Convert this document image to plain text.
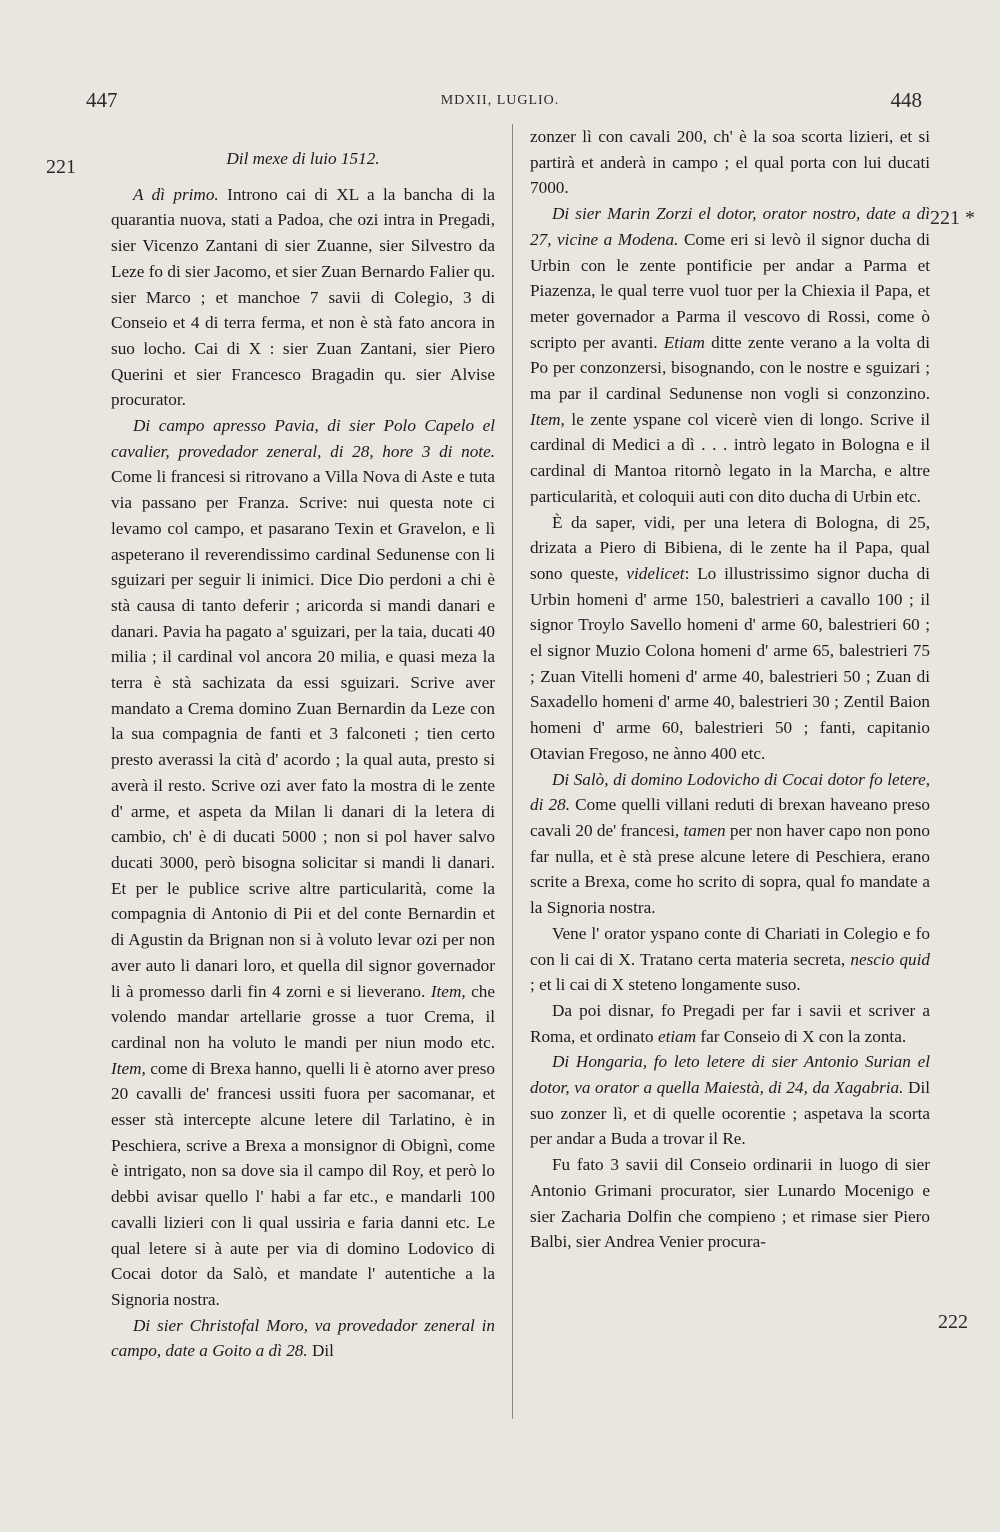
447	MDXII, LUGLIO.	448
221
221 *
222

Dil mexe di luio 1512.

A dì primo. Introno cai di XL a la bancha di la quarantia nuova, stati a Padoa, che ozi intra in Pregadi, sier Vicenzo Zantani di sier Zuanne, sier Silvestro da Leze fo di sier Jacomo, et sier Zuan Bernardo Falier qu. sier Marco ; et manchoe 7 savii di Colegio, 3 di Conseio et 4 di terra ferma, et non è stà fato ancora in suo locho. Cai di X : sier Zuan Zantani, sier Piero Querini et sier Francesco Bragadin qu. sier Alvise procurator.

Di campo apresso Pavia, di sier Polo Capelo el cavalier, provedador zeneral, di 28, hore 3 di note. Come li francesi si ritrovano a Villa Nova di Aste e tuta via passano per Franza. Scrive: nui questa note ci levamo col campo, et pasarano Texin et Gravelon, e lì aspeterano il reverendissimo cardinal Sedunense con li sguizari per seguir li inimici. Dice Dio perdoni a chi è stà causa di tanto deferir ; aricorda si mandi danari e danari. Pavia ha pagato a' sguizari, per la taia, ducati 40 milia ; il cardinal vol ancora 20 milia, e quasi meza la terra è stà sachizata da essi sguizari. Scrive aver mandato a Crema domino Zuan Bernardin da Leze con la sua compagnia de fanti et 3 falconeti ; tien certo presto averassi la cità d' acordo ; la qual auta, presto si averà il resto. Scrive ozi aver fato la mostra di le zente d' arme, et aspeta da Milan li danari di la letera di cambio, ch' è di ducati 5000 ; non si pol haver salvo ducati 3000, però bisogna solicitar si mandi li danari. Et per le publice scrive altre particularità, come la compagnia di Antonio di Pii et del conte Bernardin et di Agustin da Brignan non si à voluto levar ozi per non aver auto li danari loro, et quella dil signor governador li à promesso darli fin 4 zorni e si lieverano. Item, che volendo mandar artellarie grosse a tuor Crema, il cardinal non ha voluto le mandi per niun modo etc. Item, come di Brexa hanno, quelli li è atorno aver preso 20 cavalli de' francesi ussiti fuora per sacomanar, et esser stà intercepte alcune letere dil Tarlatino, è in Peschiera, scrive a Brexa a monsignor di Obignì, come è intrigato, non sa dove sia il campo dil Roy, et però lo debbi avisar quello l' habi a far etc., e mandarli 100 cavalli lizieri con li qual ussiria e faria danni etc. Le qual letere si à aute per via di domino Lodovico di Cocai dotor da Salò, et mandate l' autentiche a la Signoria nostra.

Di sier Christofal Moro, va provedador zeneral in campo, date a Goito a dì 28. Dil

zonzer lì con cavali 200, ch' è la soa scorta lizieri, et si partirà et anderà in campo ; el qual porta con lui ducati 7000.

Di sier Marin Zorzi el dotor, orator nostro, date a dì 27, vicine a Modena. Come eri si levò il signor ducha di Urbin con le zente pontificie per andar a Parma et Piazenza, le qual terre vuol tuor per la Chiexia il Papa, et meter governador a Parma il vescovo di Rossi, come ò scripto per avanti. Etiam ditte zente verano a la volta di Po per conzonzersi, bisognando, con le nostre e sguizari ; ma par il cardinal Sedunense non vogli si conzonzino. Item, le zente yspane col vicerè vien di longo. Scrive il cardinal di Medici a dì . . . intrò legato in Bologna e il cardinal di Mantoa ritornò legato in la Marcha, e altre particularità, et coloquii auti con dito ducha di Urbin etc.

È da saper, vidi, per una letera di Bologna, di 25, drizata a Piero di Bibiena, di le zente ha il Papa, qual sono queste, videlicet: Lo illustrissimo signor ducha di Urbin homeni d' arme 150, balestrieri a cavallo 100 ; il signor Troylo Savello homeni d' arme 60, balestrieri 60 ; el signor Muzio Colona homeni d' arme 65, balestrieri 75 ; Zuan Vitelli homeni d' arme 40, balestrieri 50 ; Zuan di Saxadello homeni d' arme 40, balestrieri 30 ; Zentil Baion homeni d' arme 60, balestrieri 50 ; fanti, capitanio Otavian Fregoso, ne ànno 400 etc.

Di Salò, di domino Lodovicho di Cocai dotor fo letere, di 28. Come quelli villani reduti di brexan haveano preso cavali 20 de' francesi, tamen per non haver capo non pono far nulla, et è stà prese alcune letere di Peschiera, erano scrite a Brexa, come ho scrito di sopra, qual fo mandate a la Signoria nostra.

Vene l' orator yspano conte di Chariati in Colegio e fo con li cai di X. Tratano certa materia secreta, nescio quid ; et li cai di X steteno longamente suso.

Da poi disnar, fo Pregadi per far i savii et scriver a Roma, et ordinato etiam far Conseio di X con la zonta.

Di Hongaria, fo leto letere di sier Antonio Surian el dotor, va orator a quella Maiestà, di 24, da Xagabria. Dil suo zonzer lì, et di quelle ocorentie ; aspetava la scorta per andar a Buda a trovar il Re.

Fu fato 3 savii dil Conseio ordinarii in luogo di sier Antonio Grimani procurator, sier Lunardo Mocenigo e sier Zacharia Dolfin che compieno ; et rimase sier Piero Balbi, sier Andrea Venier procura-
